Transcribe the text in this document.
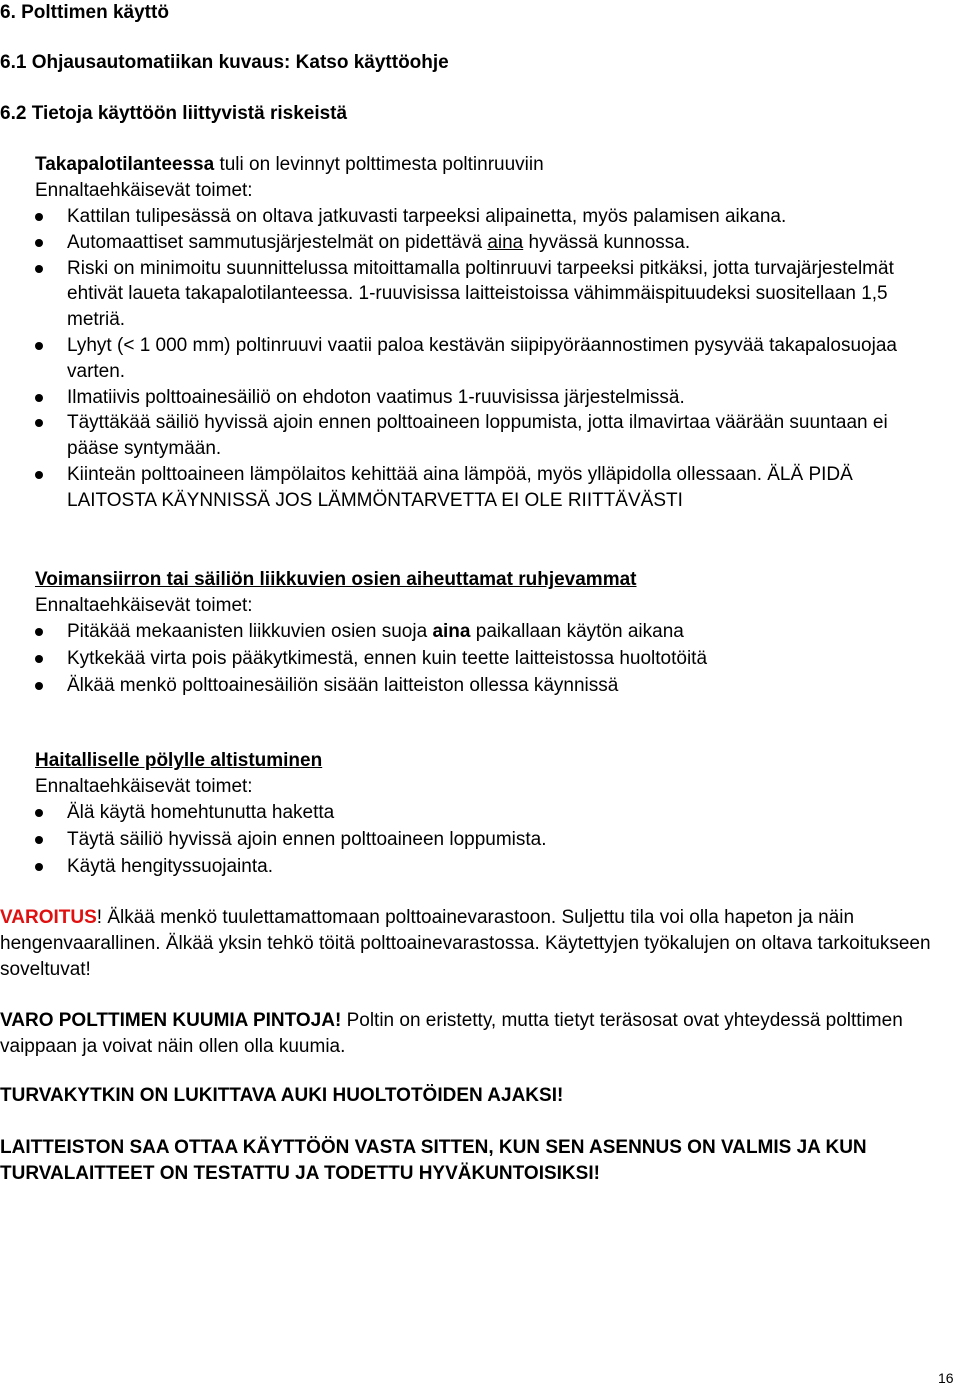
6. Polttimen käyttö
6.1 Ohjausautomatiikan kuvaus: Katso käyttöohje
6.2 Tietoja käyttöön liittyvistä riskeistä
Takapalotilanteessa tuli on levinnyt polttimesta poltinruuviin
Ennaltaehkäisevät toimet:
Kattilan tulipesässä on oltava jatkuvasti tarpeeksi alipainetta, myös palamisen aikana.
Automaattiset sammutusjärjestelmät on pidettävä aina hyvässä kunnossa.
Riski on minimoitu suunnittelussa mitoittamalla poltinruuvi tarpeeksi pitkäksi, jotta turvajärjestelmät ehtivät laueta takapalotilanteessa. 1-ruuvisissa laitteistoissa vähimmäispituudeksi suositellaan 1,5 metriä.
Lyhyt (< 1 000 mm) poltinruuvi vaatii paloa kestävän siipipyöräannostimen pysyvää takapalosuojaa varten.
Ilmatiivis polttoainesäiliö on ehdoton vaatimus 1-ruuvisissa järjestelmissä.
Täyttäkää säiliö hyvissä ajoin ennen polttoaineen loppumista, jotta ilmavirtaa väärään suuntaan ei pääse syntymään.
Kiinteän polttoaineen lämpölaitos kehittää aina lämpöä, myös ylläpidolla ollessaan. ÄLÄ PIDÄ LAITOSTA KÄYNNISSÄ JOS LÄMMÖNTARVETTA EI OLE RIITTÄVÄSTI
Voimansiirron tai säiliön liikkuvien osien aiheuttamat ruhjevammat
Ennaltaehkäisevät toimet:
Pitäkää mekaanisten liikkuvien osien suoja aina paikallaan käytön aikana
Kytkekää virta pois pääkytkimestä, ennen kuin teette laitteistossa huoltotöitä
Älkää menkö polttoainesäiliön sisään laitteiston ollessa käynnissä
Haitalliselle pölylle altistuminen
Ennaltaehkäisevät toimet:
Älä käytä homehtunutta haketta
Täytä säiliö hyvissä ajoin ennen polttoaineen loppumista.
Käytä hengityssuojainta.
VAROITUS! Älkää menkö tuulettamattomaan polttoainevarastoon. Suljettu tila voi olla hapeton ja näin hengenvaarallinen. Älkää yksin tehkö töitä polttoainevarastossa. Käytettyjen työkalujen on oltava tarkoitukseen soveltuvat!
VARO POLTTIMEN KUUMIA PINTOJA! Poltin on eristetty, mutta tietyt teräsosat ovat yhteydessä polttimen vaippaan ja voivat näin ollen olla kuumia.
TURVAKYTKIN ON LUKITTAVA AUKI HUOLTOTÖIDEN AJAKSI!
LAITTEISTON SAA OTTAA KÄYTTÖÖN VASTA SITTEN, KUN SEN ASENNUS ON VALMIS JA KUN TURVALAITTEET ON TESTATTU JA TODETTU HYVÄKUNTOISIKSI!
16
